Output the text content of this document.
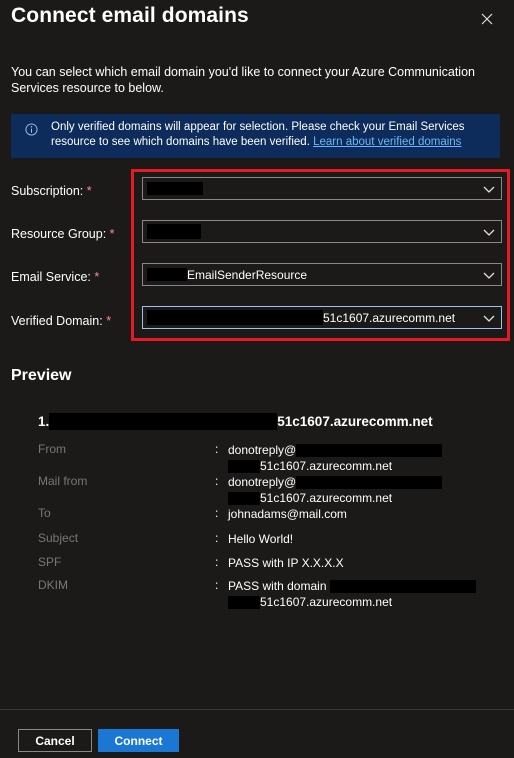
Connect email domains
You can select which email domain you'd like to connect your Azure Communication Services resource to below.
Only verified domains will appear for selection. Please check your Email Services resource to see which domains have been verified. Learn about verified domains
Subscription: *
Resource Group: *
Email Service: *	EmailSenderResource
Verified Domain: *	51c1607.azurecomm.net
Preview
1.	51c1607.azurecomm.net
From	: donotreply@
51c1607.azurecomm.net
Mail from	: donotreply@
51c1607.azurecomm.net
To	: johnadams@mail.com
Subject	: Hello World!
SPF	: PASS with IP X.X.X.X
DKIM	: PASS with domain
51c1607.azurecomm.net
Cancel	Connect
